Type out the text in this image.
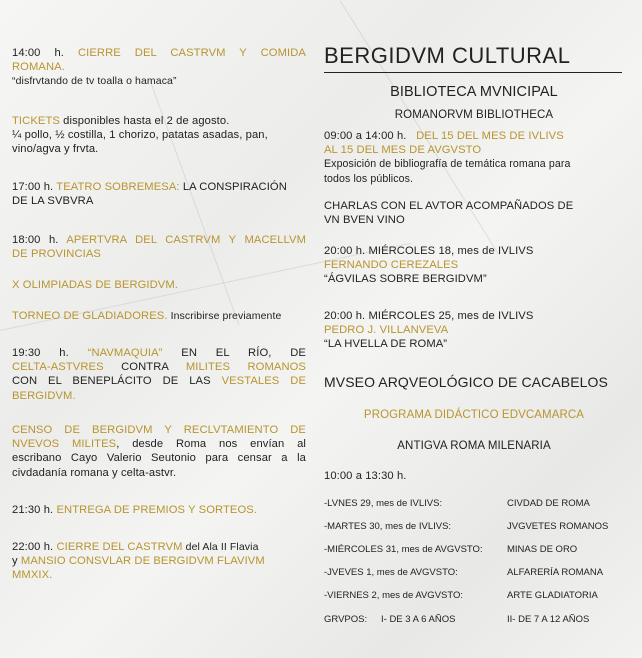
14:00 h. CIERRE DEL CASTRVM Y COMIDA
ROMANA.
“disfrvtando de tv toalla o hamaca”
TICKETS disponibles hasta el 2 de agosto.
¼ pollo, ½ costilla, 1 chorizo, patatas asadas, pan,
vino/agva y frvta.
17:00 h. TEATRO SOBREMESA: LA CONSPIRACIÓN
DE LA SVBVRA
18:00 h. APERTVRA DEL CASTRVM Y MACELLVM
DE PROVINCIAS
X OLIMPIADAS DE BERGIDVM.
TORNEO DE GLADIADORES. Inscribirse previamente
19:30 h. “NAVMAQUIA” EN EL RÍO, DE
CELTA-ASTVRES CONTRA MILITES ROMANOS
CON EL BENEPLÁCITO DE LAS VESTALES DE
BERGIDVM.
CENSO DE BERGIDVM Y RECLVTAMIENTO DE
NVEVOS MILITES, desde Roma nos envían al
escribano Cayo Valerio Seutonio para censar a la
civdadanía romana y celta-astvr.
21:30 h. ENTREGA DE PREMIOS Y SORTEOS.
22:00 h. CIERRE DEL CASTRVM del Ala II Flavia
y MANSIO CONSVLAR DE BERGIDVM FLAVIVM
MMXIX.
BERGIDVM CULTURAL
BIBLIOTECA MVNICIPAL
ROMANORVM BIBLIOTHECA
09:00 a 14:00 h. DEL 15 DEL MES DE IVLIVS
AL 15 DEL MES DE AVGVSTO
Exposición de bibliografía de temática romana para
todos los públicos.
CHARLAS CON EL AVTOR ACOMPAÑADOS DE
VN BVEN VINO
20:00 h. MIÉRCOLES 18, mes de IVLIVS
FERNANDO CEREZALES
“ÁGVILAS SOBRE BERGIDVM”
20:00 h. MIÉRCOLES 25, mes de IVLIVS
PEDRO J. VILLANVEVA
“LA HVELLA DE ROMA”
MVSEO ARQVEOLÓGICO DE CACABELOS
PROGRAMA DIDÁCTICO EDVCAMARCA
ANTIGVA ROMA MILENARIA
10:00 a 13:30 h.
-LVNES 29, mes de IVLIVS:	CIVDAD DE ROMA
-MARTES 30, mes de IVLIVS:	JVGVETES ROMANOS
-MIÉRCOLES 31, mes de AVGVSTO:	MINAS DE ORO
-JVEVES 1, mes de AVGVSTO:	ALFARERÍA ROMANA
-VIERNES 2, mes de AVGVSTO:	ARTE GLADIATORIA
GRVPOS: I- DE 3 A 6 AÑOS	II- DE 7 A 12 AÑOS
